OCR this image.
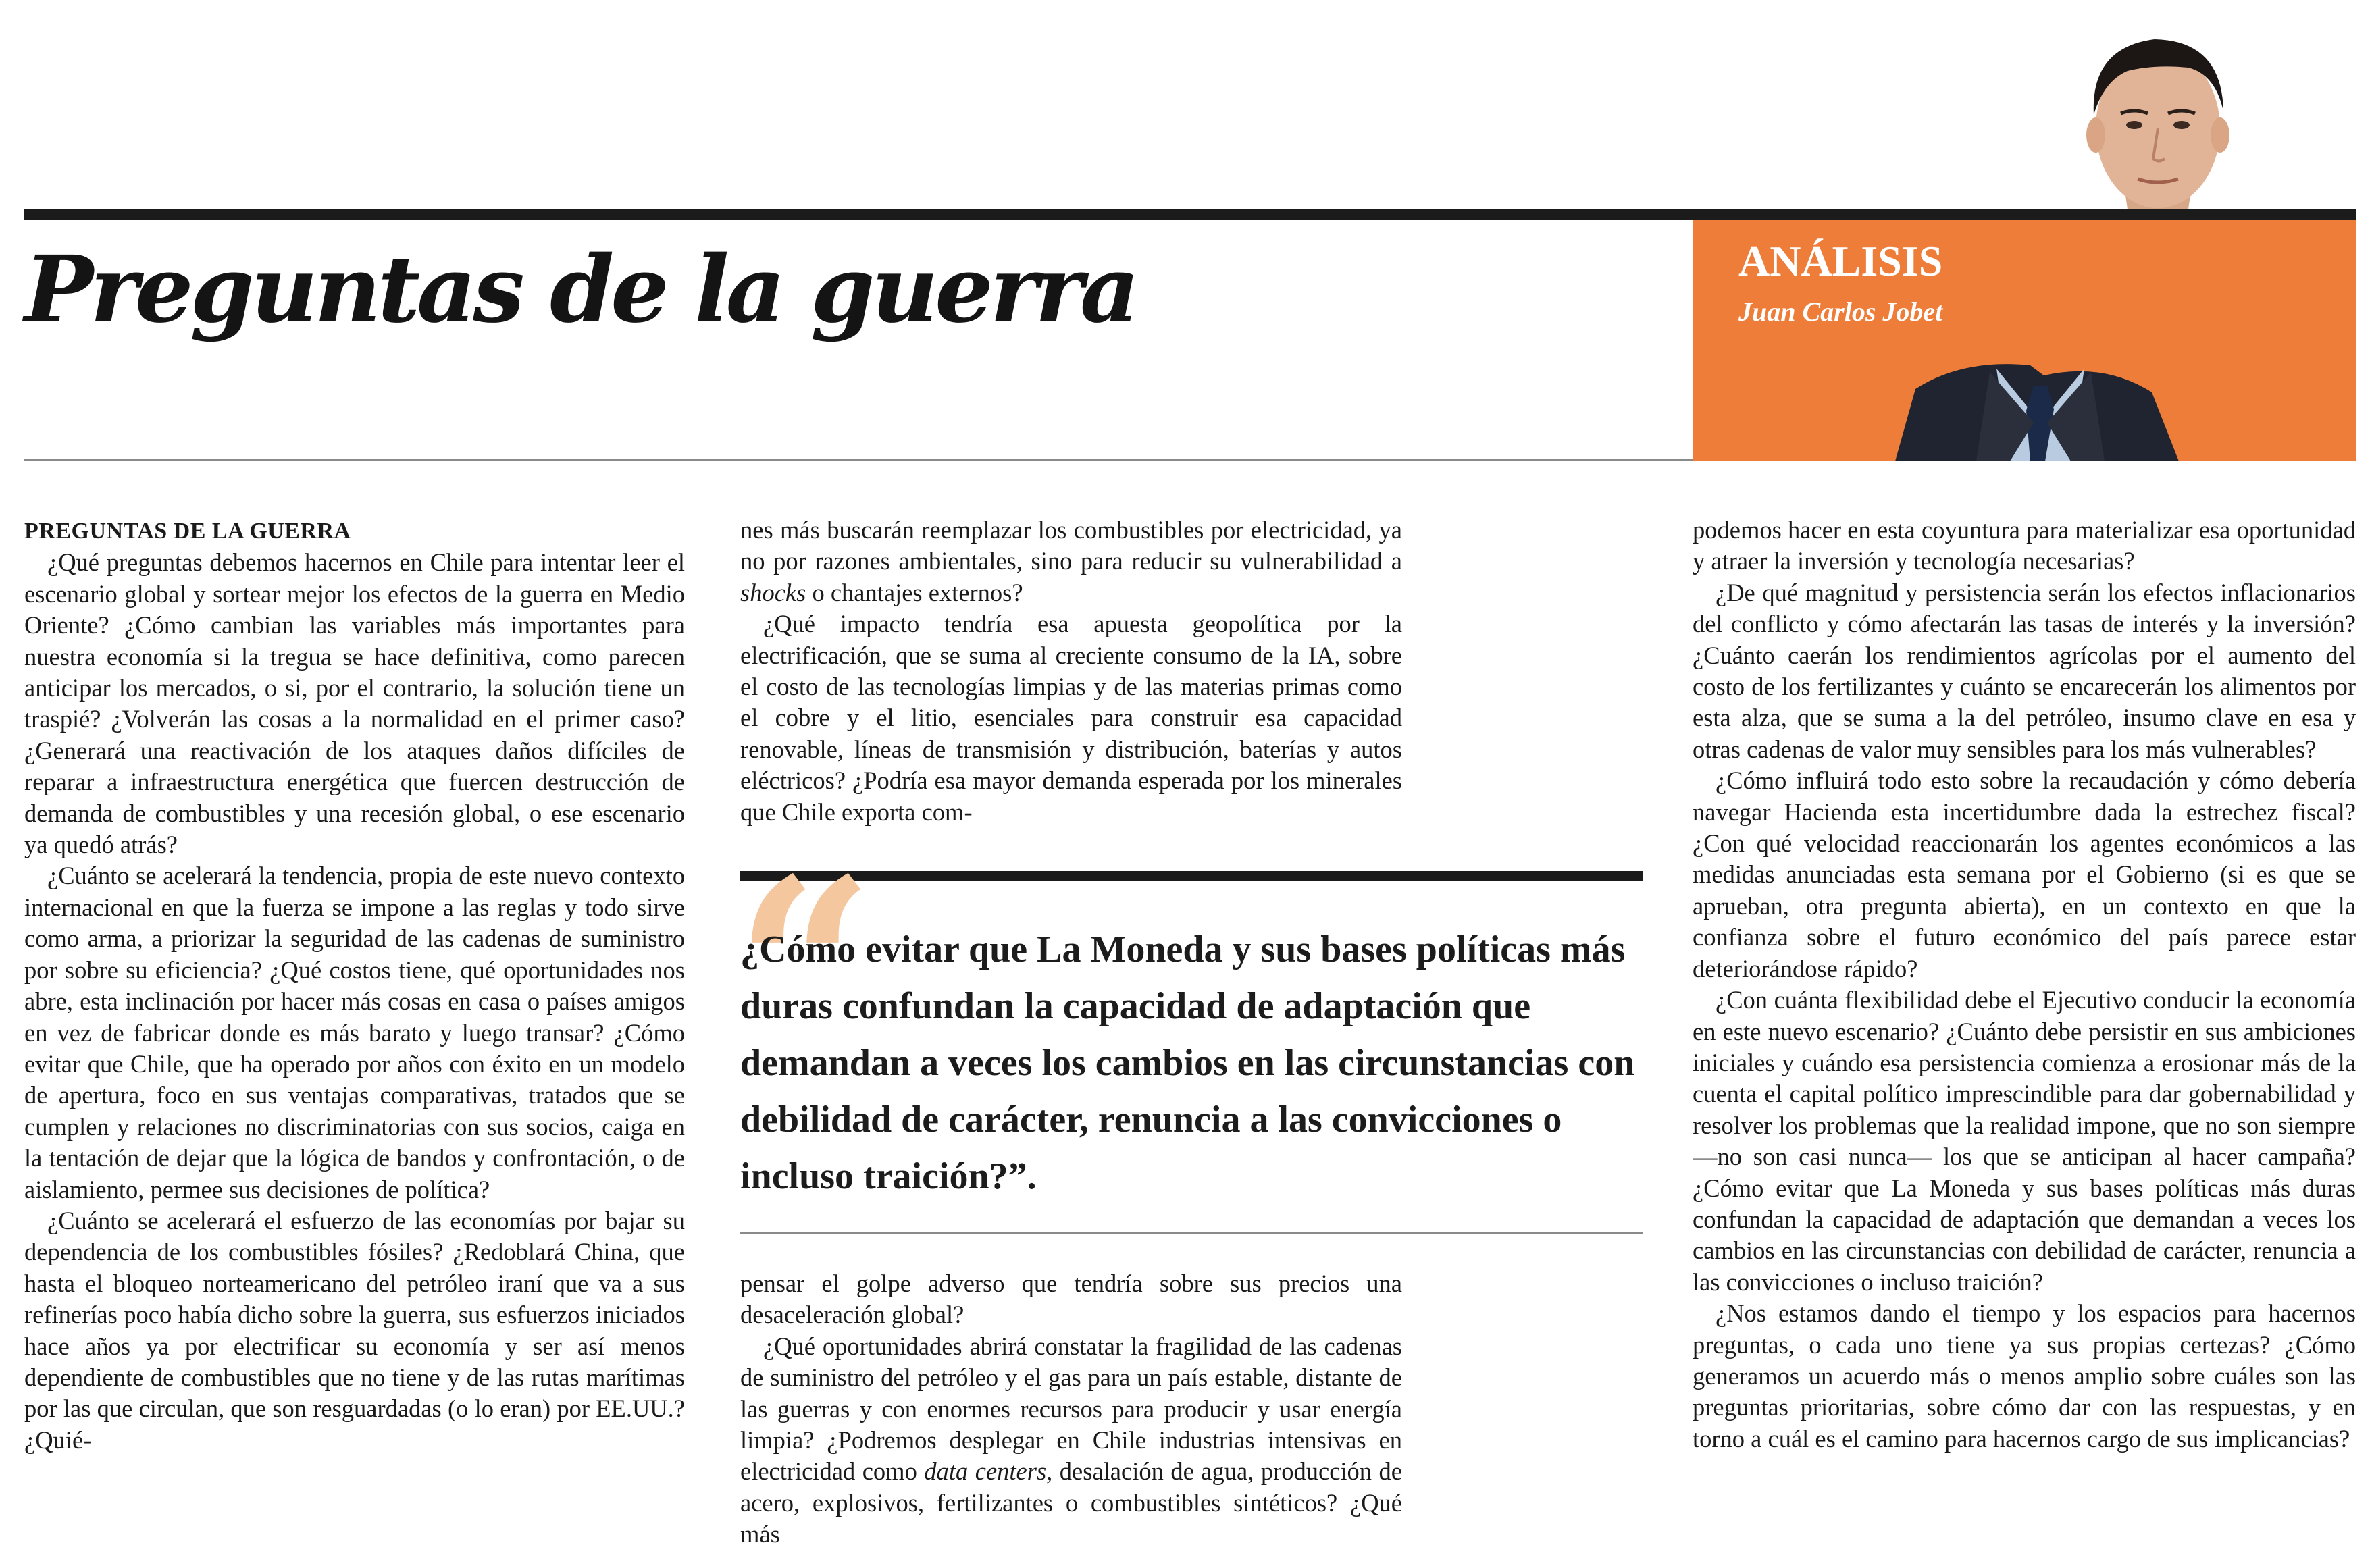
Preguntas de la guerra	ANÁLISIS
Juan Carlos Jobet

PREGUNTAS DE LA GUERRA

¿Qué preguntas debemos hacernos en Chile para intentar leer el escenario global y sortear mejor los efectos de la guerra en Medio Oriente? ¿Cómo cambian las variables más importantes para nuestra economía si la tregua se hace definitiva, como parecen anticipar los mercados, o si, por el contrario, la solución tiene un traspié? ¿Volverán las cosas a la normalidad en el primer caso? ¿Generará una reactivación de los ataques daños difíciles de reparar a infraestructura energética que fuercen destrucción de demanda de combustibles y una recesión global, o ese escenario ya quedó atrás?

¿Cuánto se acelerará la tendencia, propia de este nuevo contexto internacional en que la fuerza se impone a las reglas y todo sirve como arma, a priorizar la seguridad de las cadenas de suministro por sobre su eficiencia? ¿Qué costos tiene, qué oportunidades nos abre, esta inclinación por hacer más cosas en casa o países amigos en vez de fabricar donde es más barato y luego transar? ¿Cómo evitar que Chile, que ha operado por años con éxito en un modelo de apertura, foco en sus ventajas comparativas, tratados que se cumplen y relaciones no discriminatorias con sus socios, caiga en la tentación de dejar que la lógica de bandos y confrontación, o de aislamiento, permee sus decisiones de política?

¿Cuánto se acelerará el esfuerzo de las economías por bajar su dependencia de los combustibles fósiles? ¿Redoblará China, que hasta el bloqueo norteamericano del petróleo iraní que va a sus refinerías poco había dicho sobre la guerra, sus esfuerzos iniciados hace años ya por electrificar su economía y ser así menos dependiente de combustibles que no tiene y de las rutas marítimas por las que circulan, que son resguardadas (o lo eran) por EE.UU.? ¿Quié-

nes más buscarán reemplazar los combustibles por electricidad, ya no por razones ambientales, sino para reducir su vulnerabilidad a shocks o chantajes externos?

¿Qué impacto tendría esa apuesta geopolítica por la electrificación, que se suma al creciente consumo de la IA, sobre el costo de las tecnologías limpias y de las materias primas como el cobre y el litio, esenciales para construir esa capacidad renovable, líneas de transmisión y distribución, baterías y autos eléctricos? ¿Podría esa mayor demanda esperada por los minerales que Chile exporta com-

“

¿Cómo evitar que La Moneda y sus bases políticas más duras confundan la capacidad de adaptación que demandan a veces los cambios en las circunstancias con debilidad de carácter, renuncia a las convicciones o incluso traición?”.

pensar el golpe adverso que tendría sobre sus precios una desaceleración global?

¿Qué oportunidades abrirá constatar la fragilidad de las cadenas de suministro del petróleo y el gas para un país estable, distante de las guerras y con enormes recursos para producir y usar energía limpia? ¿Podremos desplegar en Chile industrias intensivas en electricidad como data centers, desalación de agua, producción de acero, explosivos, fertilizantes o combustibles sintéticos? ¿Qué más

podemos hacer en esta coyuntura para materializar esa oportunidad y atraer la inversión y tecnología necesarias?

¿De qué magnitud y persistencia serán los efectos inflacionarios del conflicto y cómo afectarán las tasas de interés y la inversión? ¿Cuánto caerán los rendimientos agrícolas por el aumento del costo de los fertilizantes y cuánto se encarecerán los alimentos por esta alza, que se suma a la del petróleo, insumo clave en esa y otras cadenas de valor muy sensibles para los más vulnerables?

¿Cómo influirá todo esto sobre la recaudación y cómo debería navegar Hacienda esta incertidumbre dada la estrechez fiscal? ¿Con qué velocidad reaccionarán los agentes económicos a las medidas anunciadas esta semana por el Gobierno (si es que se aprueban, otra pregunta abierta), en un contexto en que la confianza sobre el futuro económico del país parece estar deteriorándose rápido?

¿Con cuánta flexibilidad debe el Ejecutivo conducir la economía en este nuevo escenario? ¿Cuánto debe persistir en sus ambiciones iniciales y cuándo esa persistencia comienza a erosionar más de la cuenta el capital político imprescindible para dar gobernabilidad y resolver los problemas que la realidad impone, que no son siempre —no son casi nunca— los que se anticipan al hacer campaña? ¿Cómo evitar que La Moneda y sus bases políticas más duras confundan la capacidad de adaptación que demandan a veces los cambios en las circunstancias con debilidad de carácter, renuncia a las convicciones o incluso traición?

¿Nos estamos dando el tiempo y los espacios para hacernos preguntas, o cada uno tiene ya sus propias certezas? ¿Cómo generamos un acuerdo más o menos amplio sobre cuáles son las preguntas prioritarias, sobre cómo dar con las respuestas, y en torno a cuál es el camino para hacernos cargo de sus implicancias?
